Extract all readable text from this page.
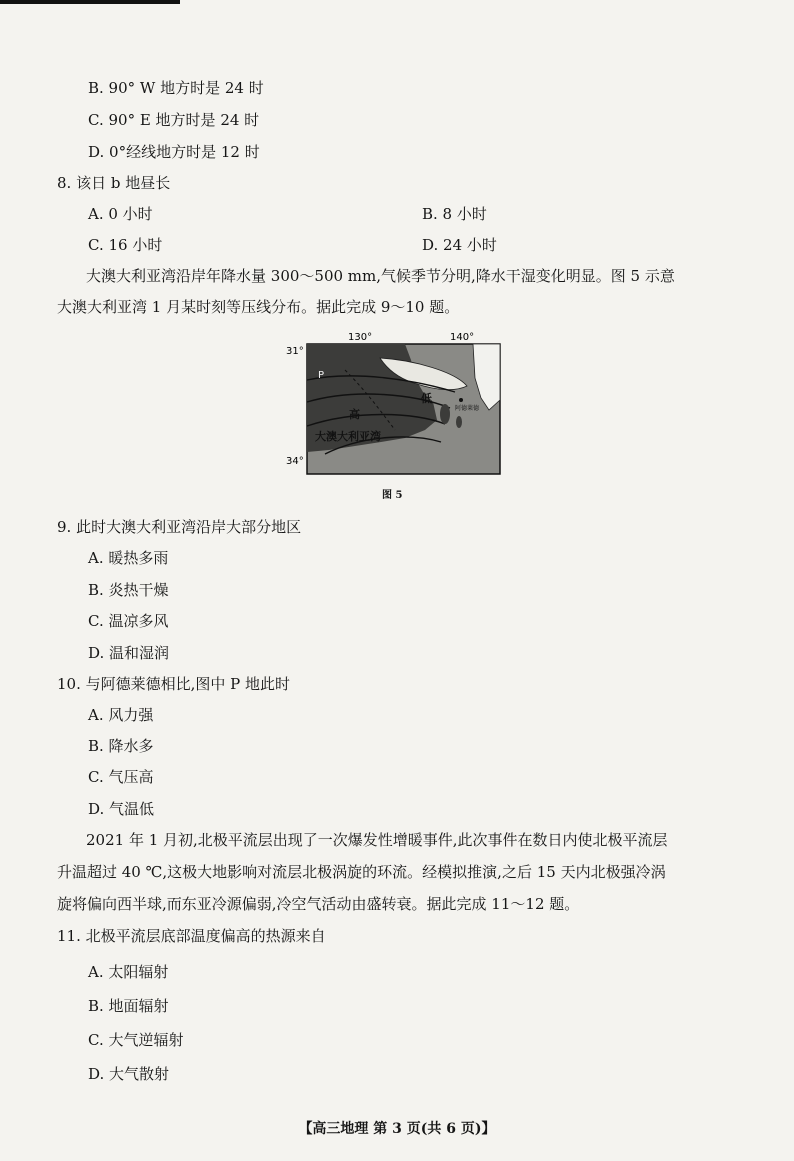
B. 90° W 地方时是 24 时
C. 90° E 地方时是 24 时
D. 0°经线地方时是 12 时
8. 该日 b 地昼长
A. 0 小时	B. 8 小时
C. 16 小时	D. 24 小时
大澳大利亚湾沿岸年降水量 300～500 mm,气候季节分明,降水干湿变化明显。图 5 示意
大澳大利亚湾 1 月某时刻等压线分布。据此完成 9～10 题。
130°	140°
31°
34°
P
高
低
阿德莱德
大澳大利亚湾
图 5
9. 此时大澳大利亚湾沿岸大部分地区
A. 暖热多雨
B. 炎热干燥
C. 温凉多风
D. 温和湿润
10. 与阿德莱德相比,图中 P 地此时
A. 风力强
B. 降水多
C. 气压高
D. 气温低
2021 年 1 月初,北极平流层出现了一次爆发性增暖事件,此次事件在数日内使北极平流层
升温超过 40 ℃,这极大地影响对流层北极涡旋的环流。经模拟推演,之后 15 天内北极强冷涡
旋将偏向西半球,而东亚冷源偏弱,冷空气活动由盛转衰。据此完成 11～12 题。
11. 北极平流层底部温度偏高的热源来自
A. 太阳辐射
B. 地面辐射
C. 大气逆辐射
D. 大气散射
【高三地理 第 3 页(共 6 页)】
